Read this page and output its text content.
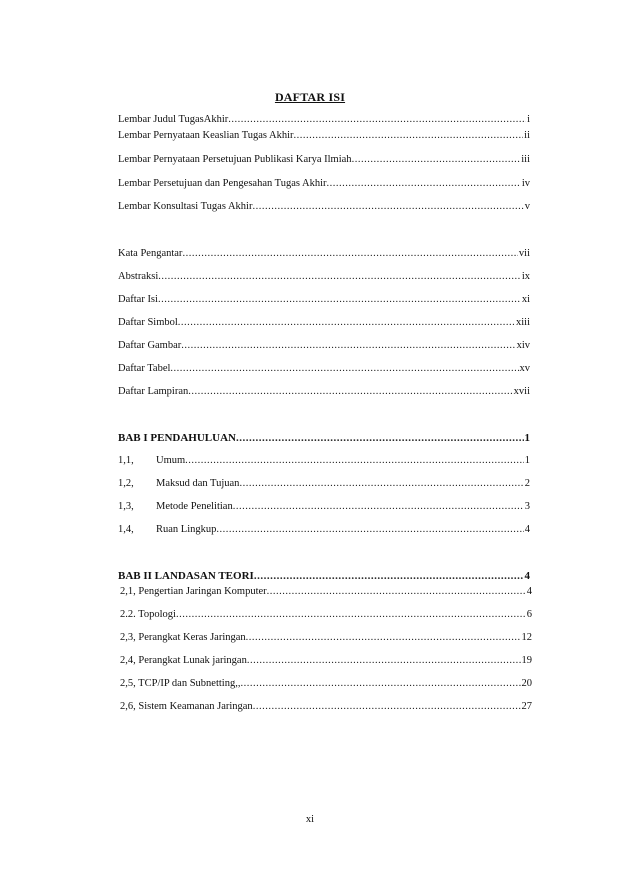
DAFTAR ISI
Lembar Judul TugasAkhir .....	i
Lembar Pernyataan Keaslian Tugas Akhir .....	ii
Lembar Pernyataan Persetujuan Publikasi Karya Ilmiah .....	iii
Lembar Persetujuan dan Pengesahan Tugas Akhir .....	iv
Lembar Konsultasi Tugas Akhir .....	v
Kata Pengantar .....	vii
Abstraksi .....	ix
Daftar Isi .....	xi
Daftar Simbol .....	xiii
Daftar Gambar .....	xiv
Daftar Tabel .....	xv
Daftar Lampiran .....	xvii
BAB I PENDAHULUAN .....	1
1,1,	Umum .....	1
1,2,	Maksud dan Tujuan .....	2
1,3,	Metode Penelitian .....	3
1,4,	Ruan Lingkup .....	4
BAB II LANDASAN TEORI .....	4
2,1, Pengertian Jaringan Komputer .....	4
2.2. Topologi .....	6
2,3, Perangkat Keras Jaringan .....	12
2,4, Perangkat Lunak jaringan .....	19
2,5, TCP/IP dan Subnetting,, .....	20
2,6, Sistem Keamanan Jaringan .....	27
xi
